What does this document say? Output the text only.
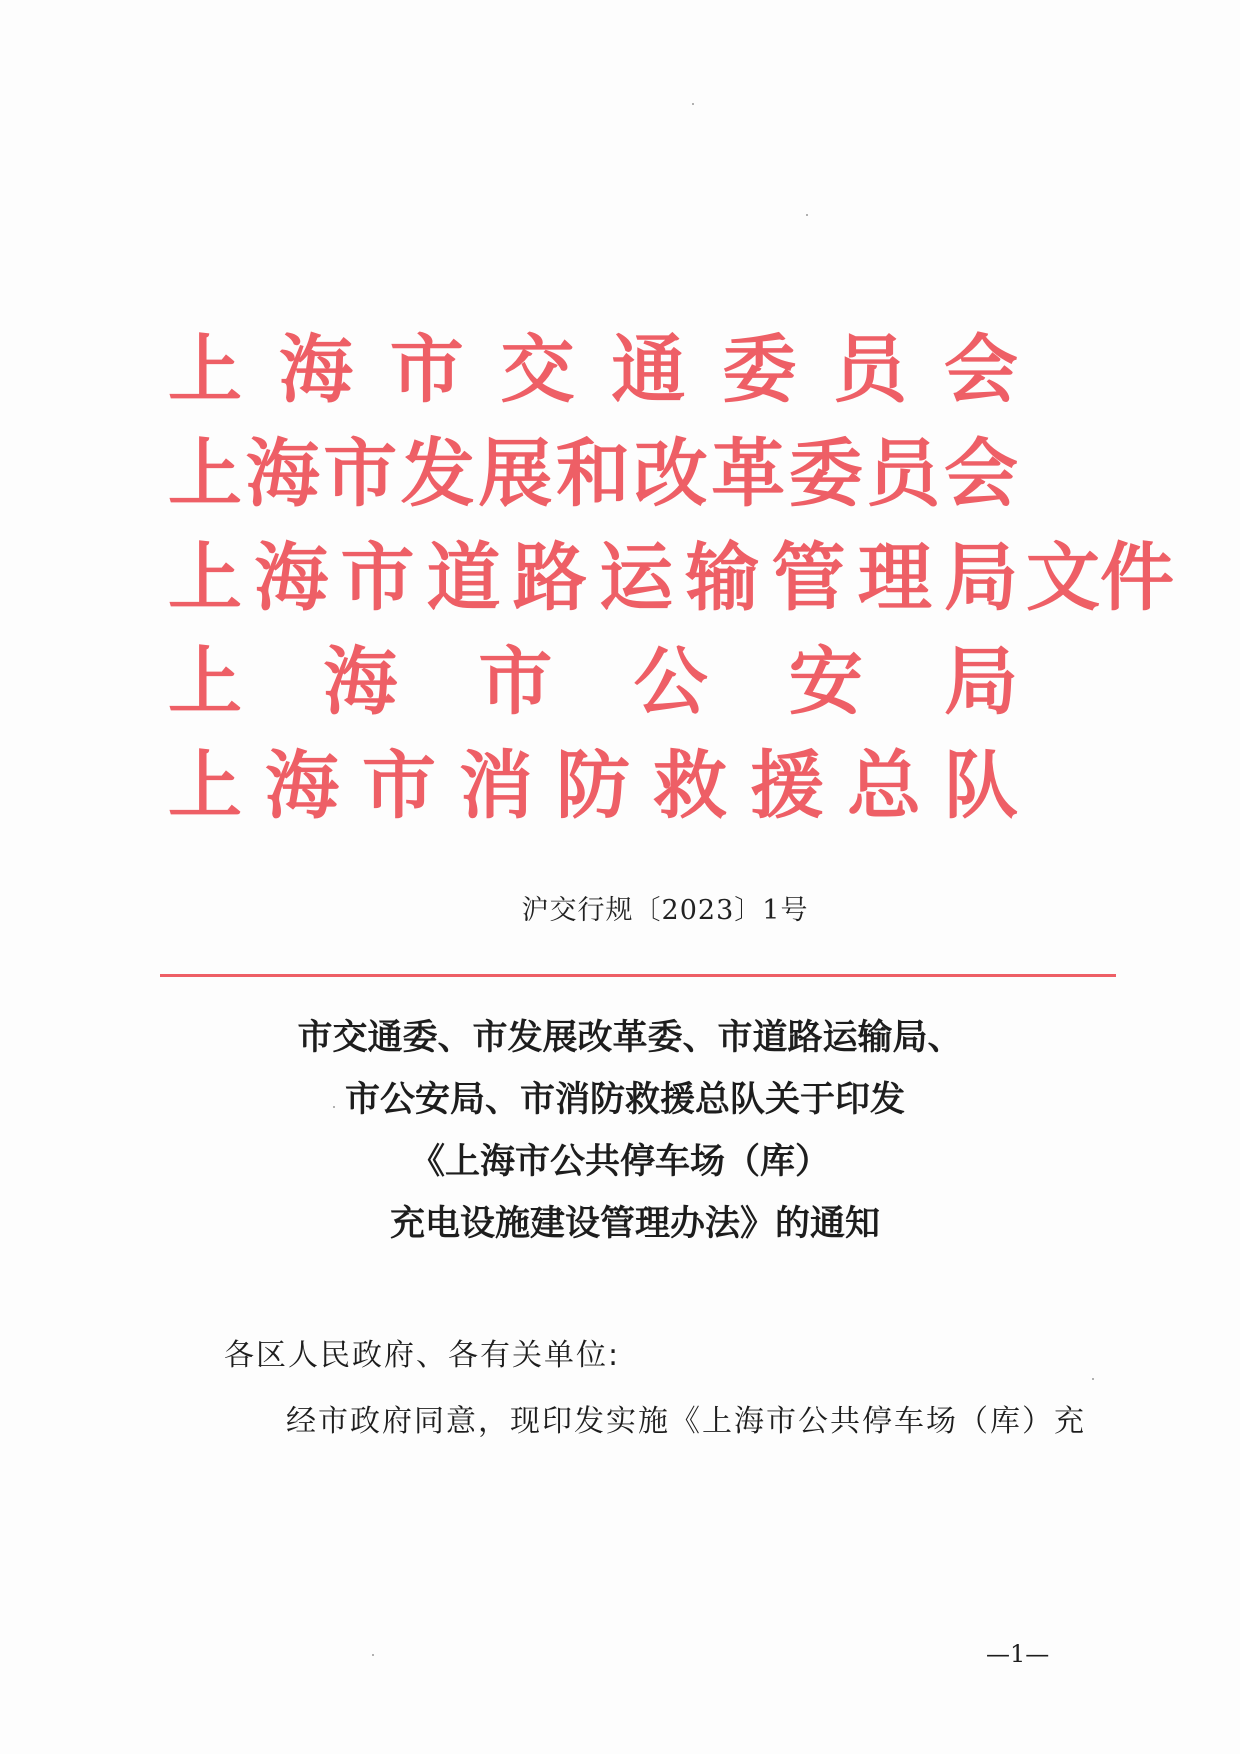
上 海 市 交 通 委 员 会
上 海 市 发 展 和 改 革 委 员 会
上 海 市 道 路 运 输 管 理 局 文件
上 海 市 公 安 局
上 海 市 消 防 救 援 总 队
沪交行规〔2023〕1号
市交通委、市发展改革委、市道路运输局、
市公安局、市消防救援总队关于印发
《上海市公共停车场（库）
充电设施建设管理办法》的通知
各区人民政府、各有关单位:
经市政府同意，现印发实施《上海市公共停车场（库）充
—1—
